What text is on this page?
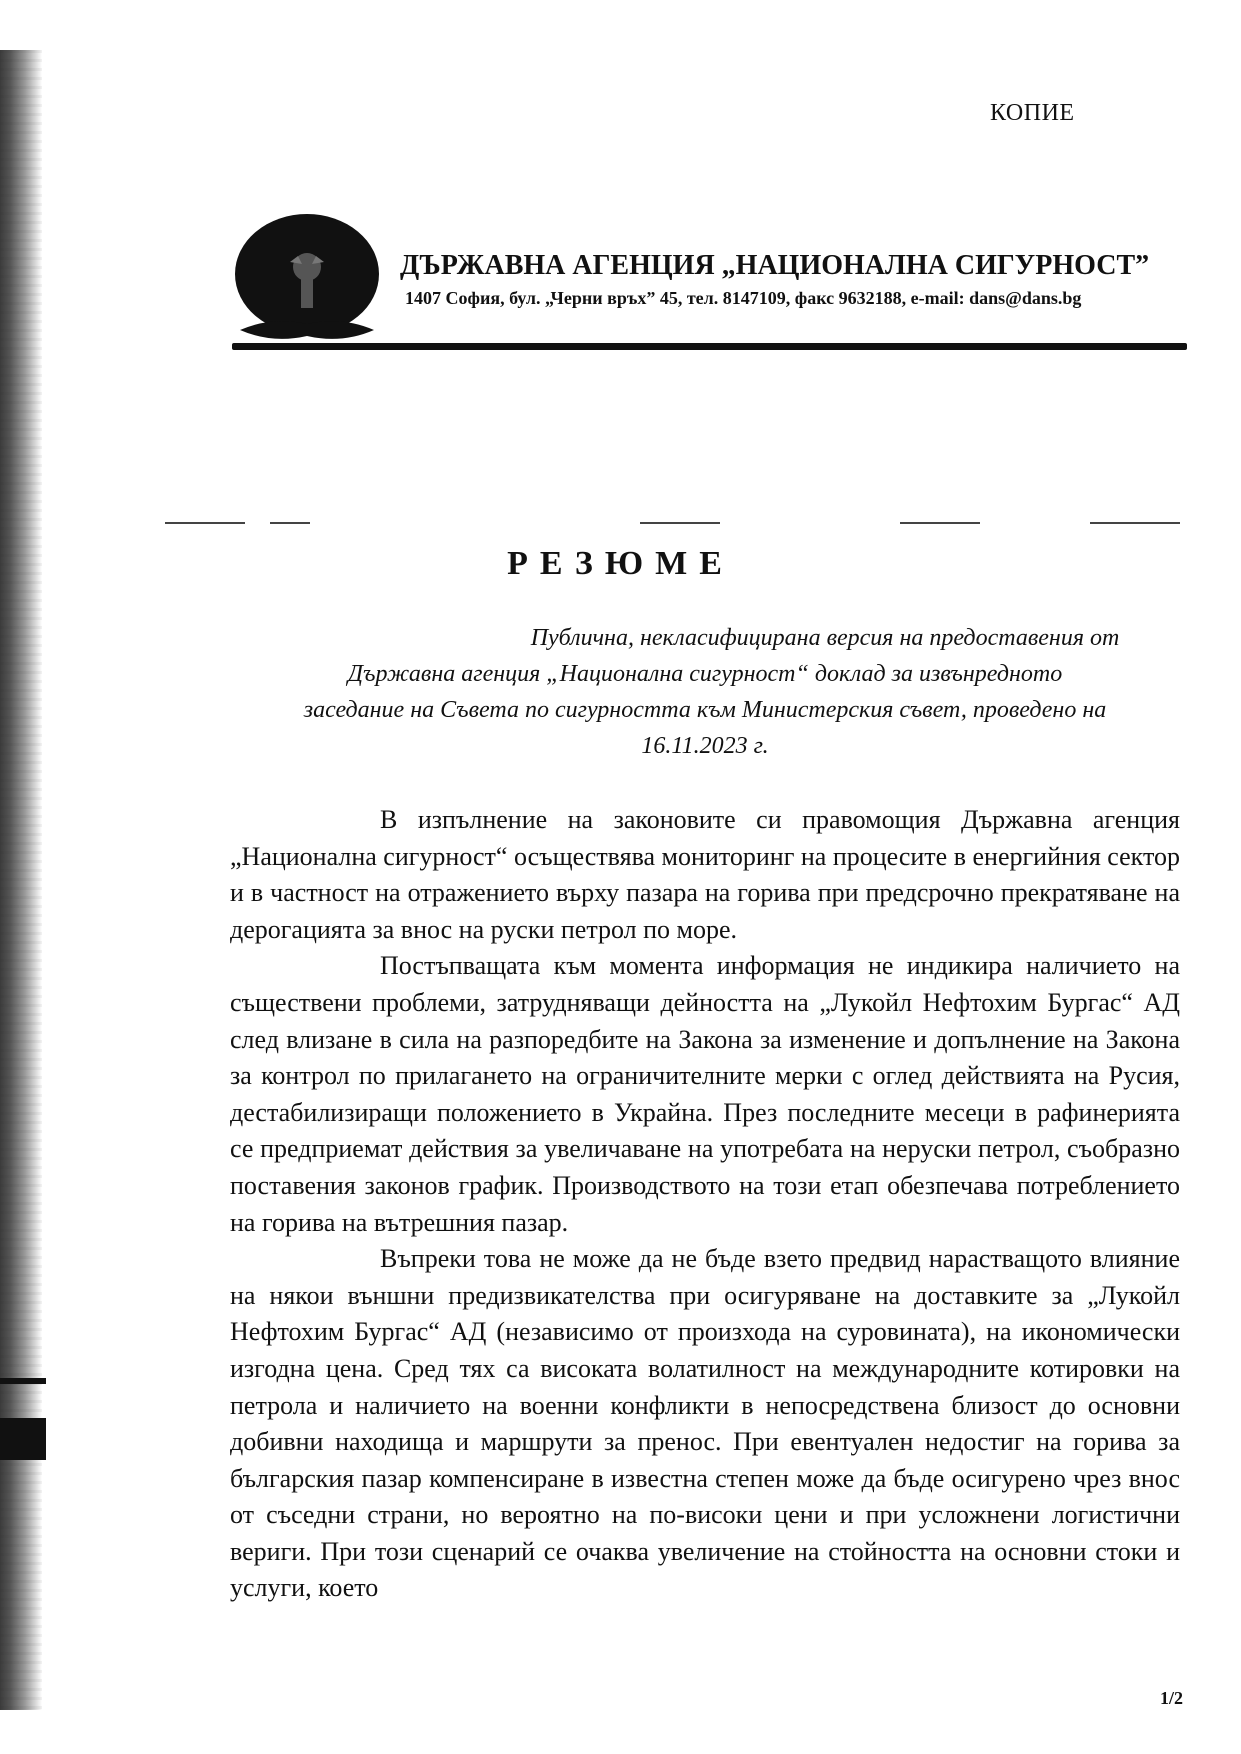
КОПИЕ
ДЪРЖАВНА АГЕНЦИЯ „НАЦИОНАЛНА СИГУРНОСТ”
1407 София, бул. „Черни връх” 45, тел. 8147109, факс 9632188, e-mail: dans@dans.bg
РЕЗЮМЕ
Публична, некласифицирана версия на предоставения от
Държавна агенция „Национална сигурност“ доклад за извънредното
заседание на Съвета по сигурността към Министерския съвет, проведено на
16.11.2023 г.

В изпълнение на законовите си правомощия Държавна агенция „Национална сигурност“ осъществява мониторинг на процесите в енергийния сектор и в частност на отражението върху пазара на горива при предсрочно прекратяване на дерогацията за внос на руски петрол по море.

Постъпващата към момента информация не индикира наличието на съществени проблеми, затрудняващи дейността на „Лукойл Нефтохим Бургас“ АД след влизане в сила на разпоредбите на Закона за изменение и допълнение на Закона за контрол по прилагането на ограничителните мерки с оглед действията на Русия, дестабилизиращи положението в Украйна. През последните месеци в рафинерията се предприемат действия за увеличаване на употребата на неруски петрол, съобразно поставения законов график. Производството на този етап обезпечава потреблението на горива на вътрешния пазар.

Въпреки това не може да не бъде взето предвид нарастващото влияние на някои външни предизвикателства при осигуряване на доставките за „Лукойл Нефтохим Бургас“ АД (независимо от произхода на суровината), на икономически изгодна цена. Сред тях са високата волатилност на международните котировки на петрола и наличието на военни конфликти в непосредствена близост до основни добивни находища и маршрути за пренос. При евентуален недостиг на горива за българския пазар компенсиране в известна степен може да бъде осигурено чрез внос от съседни страни, но вероятно на по-високи цени и при усложнени логистични вериги. При този сценарий се очаква увеличение на стойността на основни стоки и услуги, което

1/2
